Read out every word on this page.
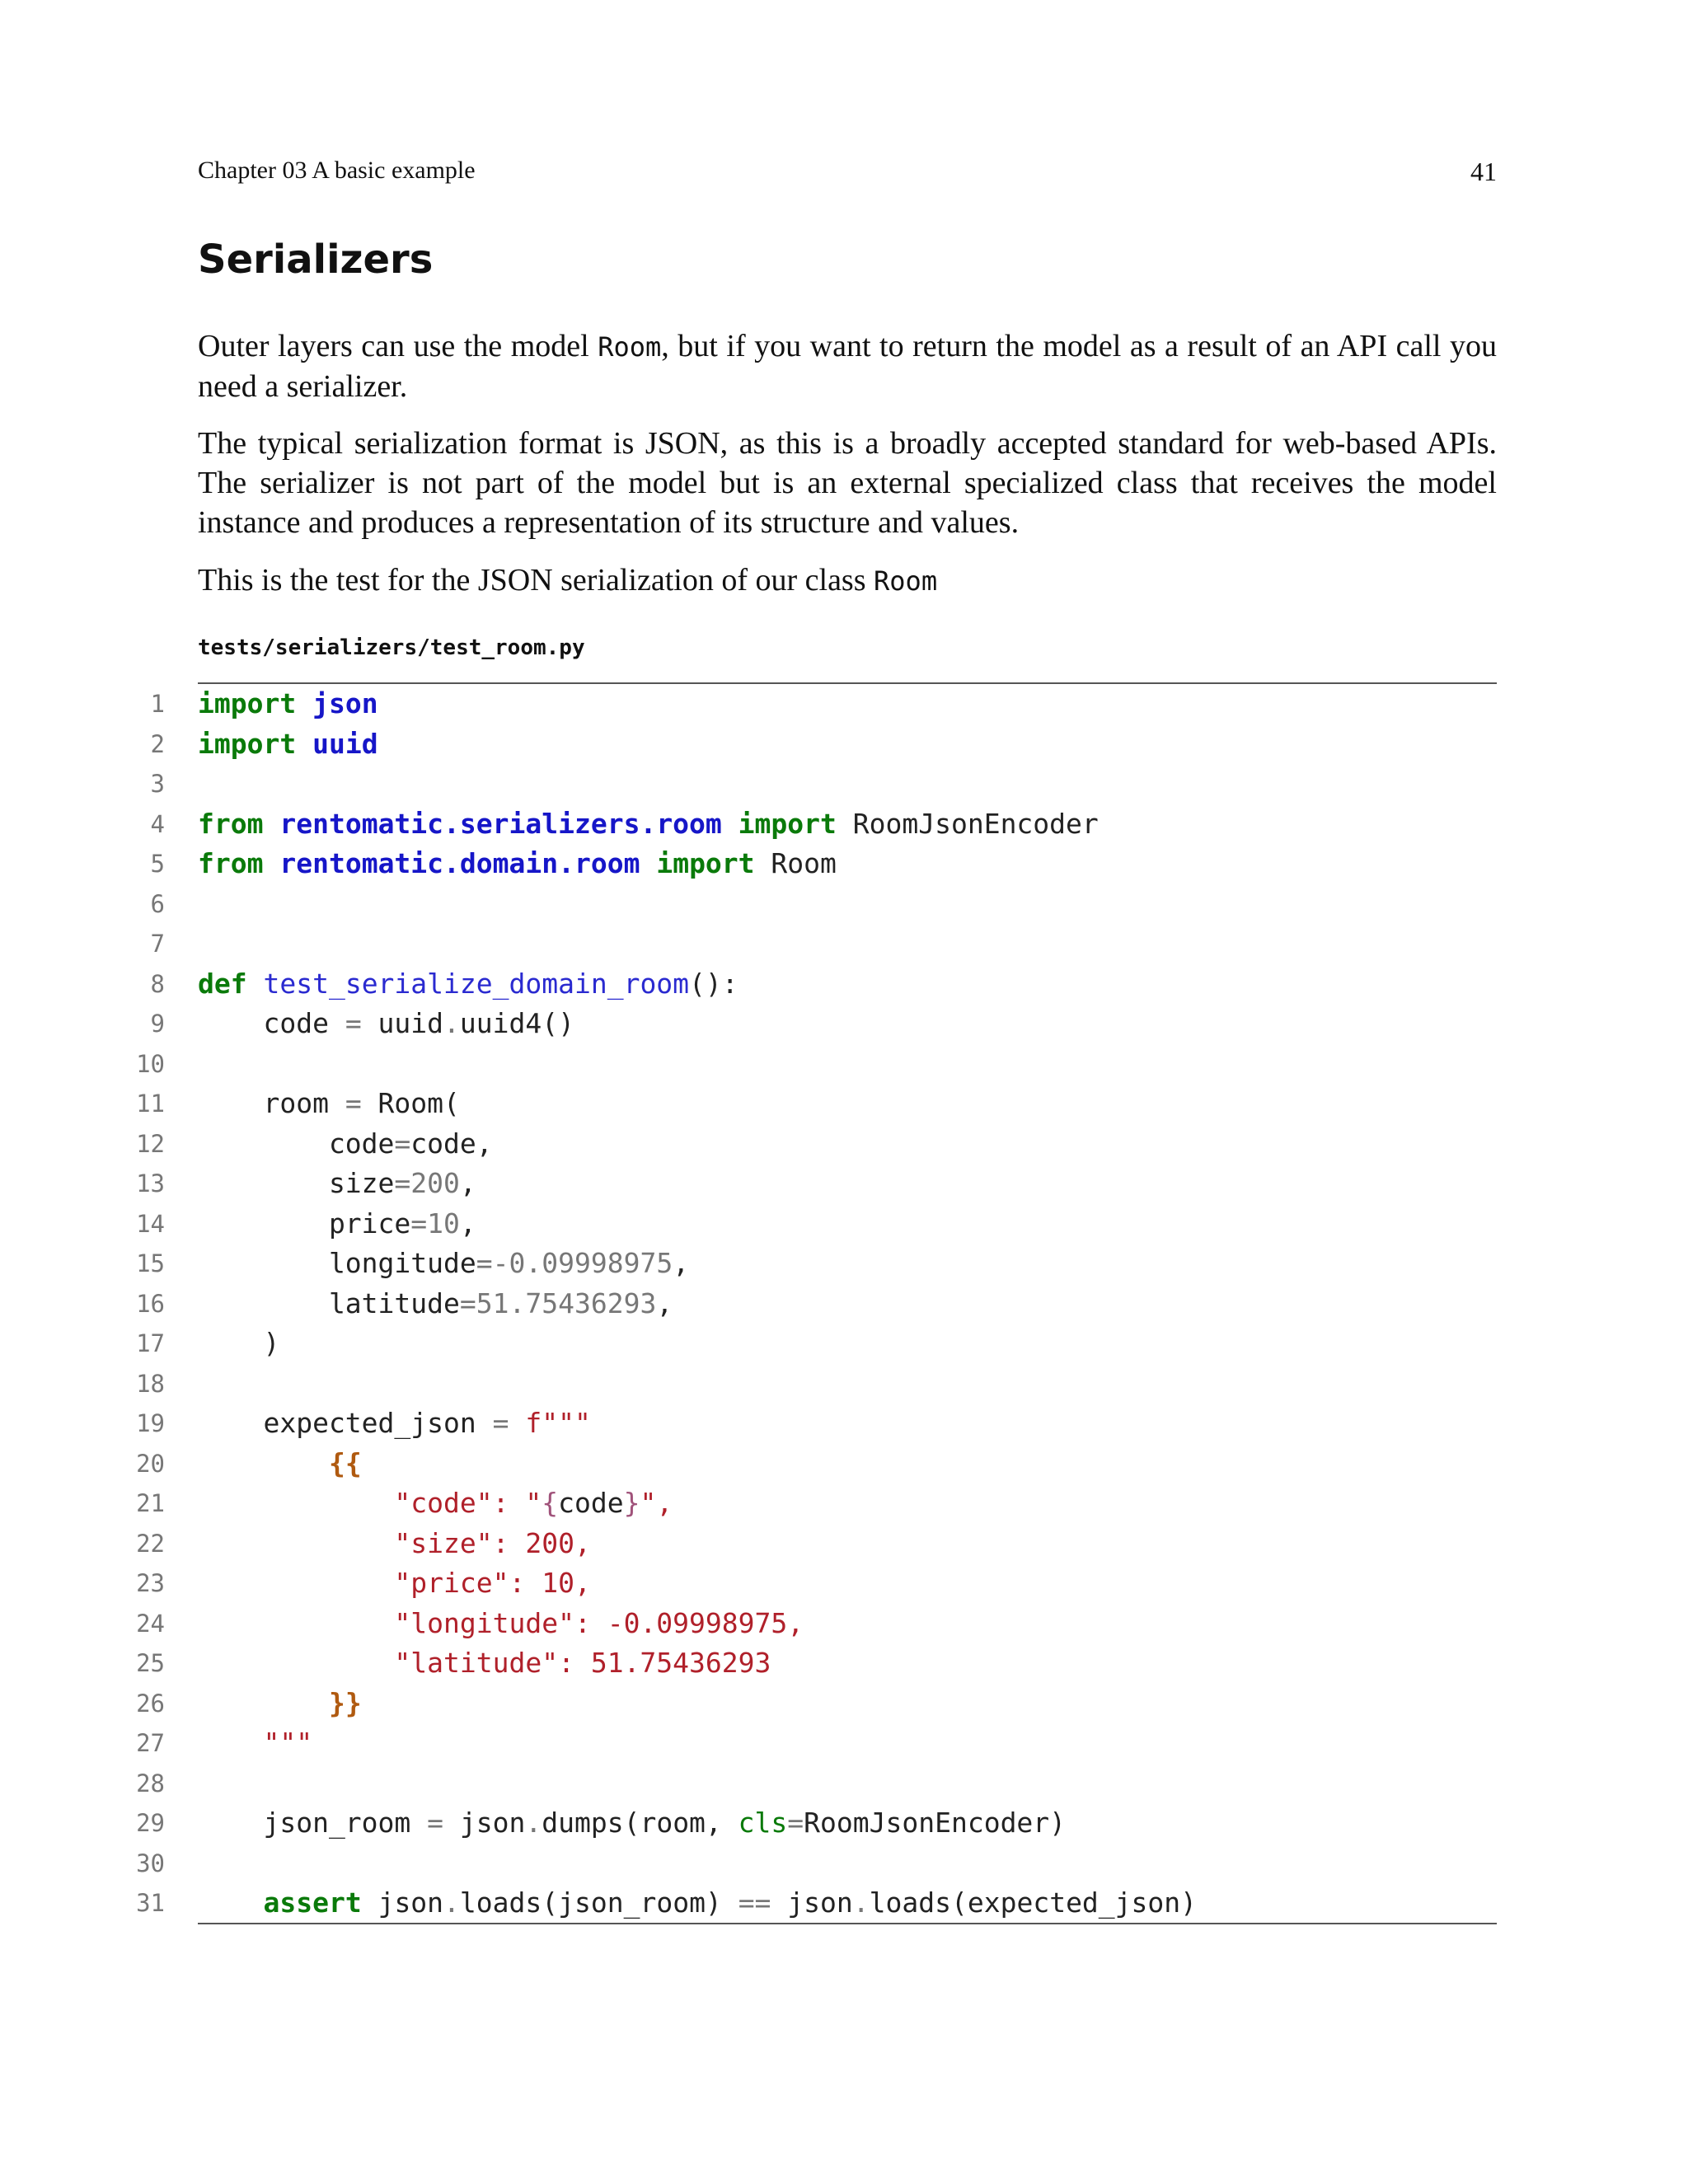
Chapter 03 A basic example	41
Serializers

Outer layers can use the model Room, but if you want to return the model as a result of an API call you need a serializer.

The typical serialization format is JSON, as this is a broadly accepted standard for web-based APIs. The serializer is not part of the model but is an external specialized class that receives the model instance and produces a representation of its structure and values.

This is the test for the JSON serialization of our class Room

tests/serializers/test_room.py
1 import json
2 import uuid
3
4 from rentomatic.serializers.room import RoomJsonEncoder
5 from rentomatic.domain.room import Room
6
7
8 def test_serialize_domain_room():
9 code = uuid.uuid4()
10
11 room = Room(
12 code=code,
13 size=200,
14 price=10,
15 longitude=-0.09998975,
16 latitude=51.75436293,
17 )
18
19 expected_json = f"""
20	{{
21	"code": "{code}",
22	"size": 200,
23	"price": 10,
24	"longitude": -0.09998975,
25	"latitude": 51.75436293
26	}}
27	"""
28
29 json_room = json.dumps(room, cls=RoomJsonEncoder)
30
31	assert json.loads(json_room) == json.loads(expected_json)
